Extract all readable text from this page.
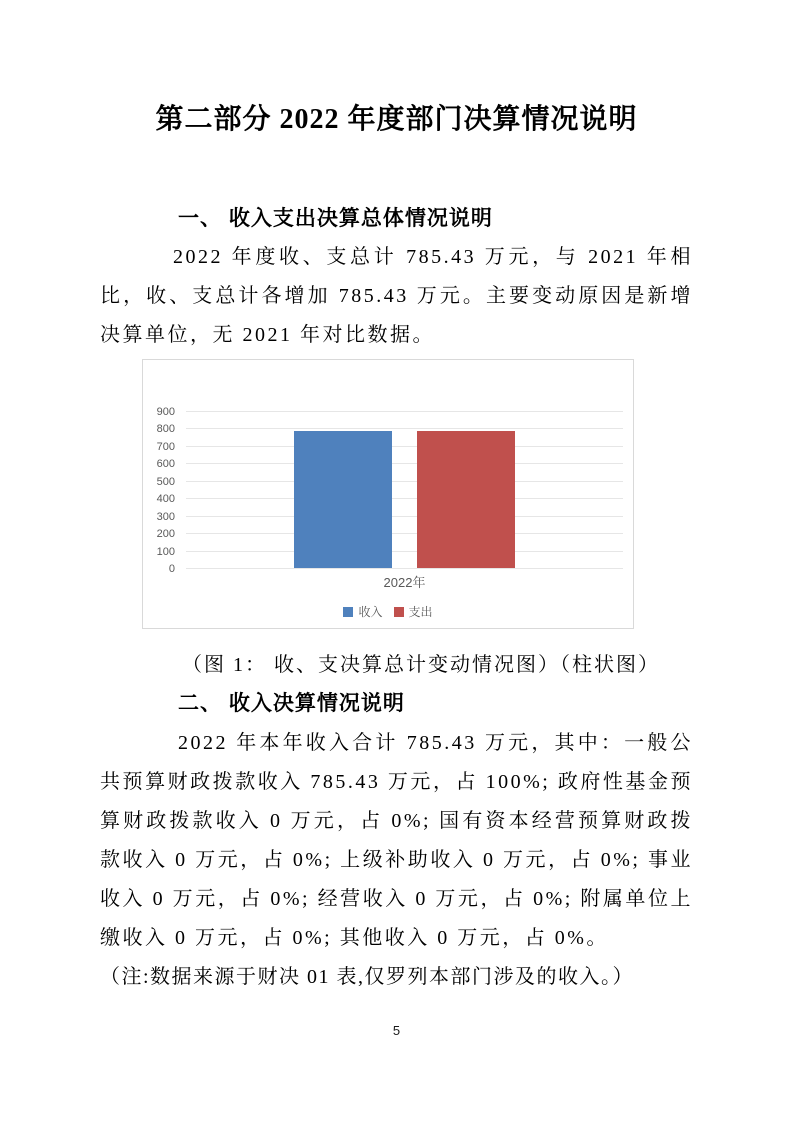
第二部分 2022 年度部门决算情况说明
一、 收入支出决算总体情况说明

2022 年度收、支总计 785.43 万元，与 2021 年相比，收、支总计各增加 785.43 万元。主要变动原因是新增决算单位，无 2021 年对比数据。

0
100
200
300
400
500
600
700
800
900
2022年
收入 支出

（图 1： 收、支决算总计变动情况图）（柱状图）

二、 收入决算情况说明

2022 年本年收入合计 785.43 万元，其中：一般公共预算财政拨款收入 785.43 万元，占 100%; 政府性基金预算财政拨款收入 0 万元，占 0%; 国有资本经营预算财政拨款收入 0 万元，占 0%; 上级补助收入 0 万元，占 0%; 事业收入 0 万元，占 0%; 经营收入 0 万元，占 0%; 附属单位上缴收入 0 万元，占 0%; 其他收入 0 万元，占 0%。

（注:数据来源于财决 01 表,仅罗列本部门涉及的收入。）

5
